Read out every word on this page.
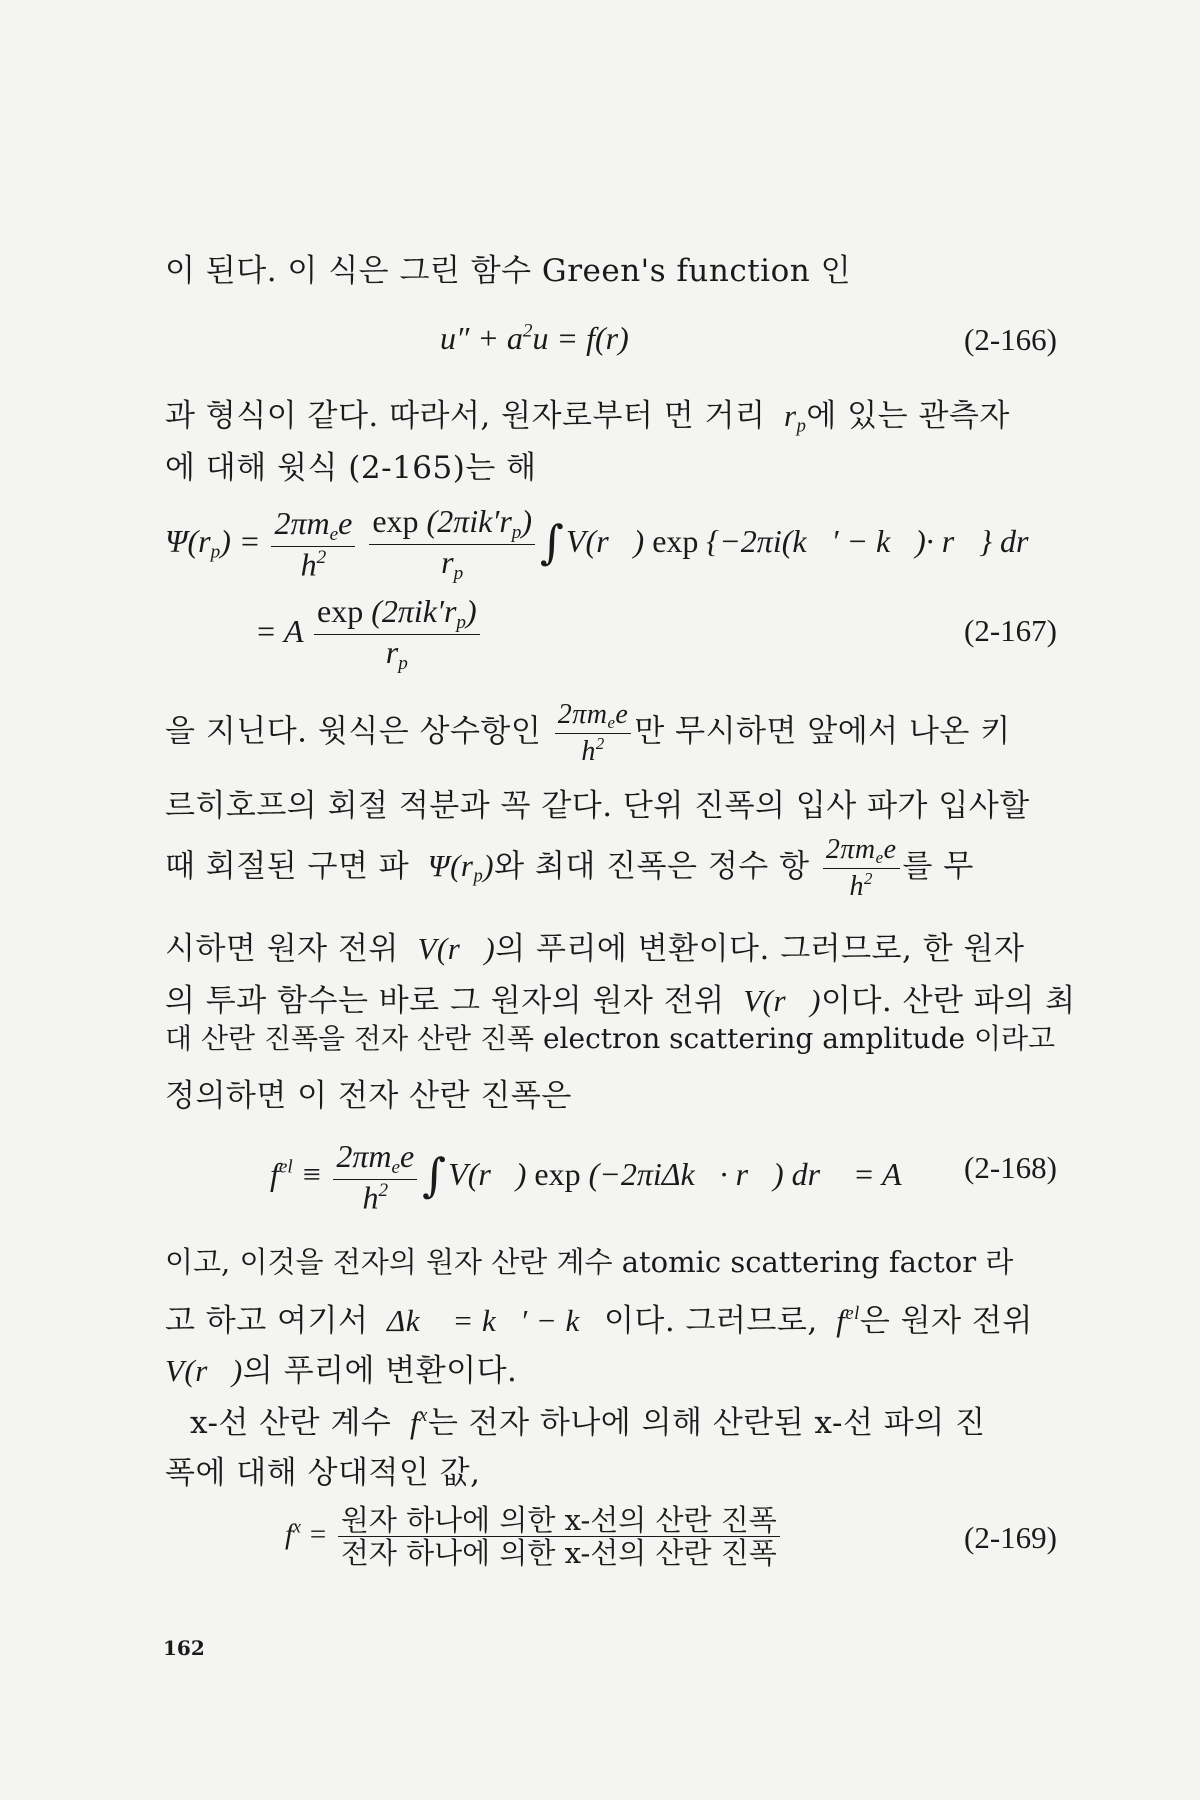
이 된다. 이 식은 그린 함수 Green's function 인
$u'' + a^2u = f(r)$	(2-166)
과 형식이 같다. 따라서, 원자로부터 먼 거리  $r_p$에 있는 관측자
에 대해 윗식 (2-165)는 해
$\Psi(r_p) = \frac{2\pi m_ee}{h^2}$
$\frac{\exp (2\pi ik'r_p)}{r_p}$ ∫V(r⃗) exp {−2πi(k⃗′ − k⃗)· r⃗} dr⃗
= A $\frac{\exp (2\pi ik'r_p)}{r_p}$	(2-167)
을 지닌다. 윗식은 상수항인 $\frac{2\pi m_ee}{h^2}$ 만 무시하면 앞에서 나온 키
르히호프의 회절 적분과 꼭 같다. 단위 진폭의 입사 파가 입사할
때 회절된 구면 파  $\Psi(r_p)$와 최대 진폭은 정수 항 $\frac{2\pi m_ee}{h^2}$ 를 무
시하면 원자 전위  V(r⃗)의 푸리에 변환이다. 그러므로, 한 원자
의 투과 함수는 바로 그 원자의 원자 전위  V(r⃗)이다. 산란 파의 최
대 산란 진폭을 전자 산란 진폭 electron scattering amplitude 이라고
정의하면 이 전자 산란 진폭은
$f^{el} \equiv \frac{2\pi m_ee}{h^2}$ ∫V(r⃗) exp (−2πiΔk⃗· r⃗) dr⃗ = A (2-168)
이고, 이것을 전자의 원자 산란 계수 atomic scattering factor 라
고 하고 여기서  Δk⃗ = k⃗′ − k⃗이다. 그러므로,  $f^{el}$은 원자 전위
V(r⃗)의 푸리에 변환이다.
x-선 산란 계수  $f^x$는 전자 하나에 의해 산란된 x-선 파의 진
폭에 대해 상대적인 값,
$f^x = \frac{\text{원자 하나에 의한 x-선의 산란 진폭}}{\text{전자 하나에 의한 x-선의 산란 진폭}}$	(2-169)
162
